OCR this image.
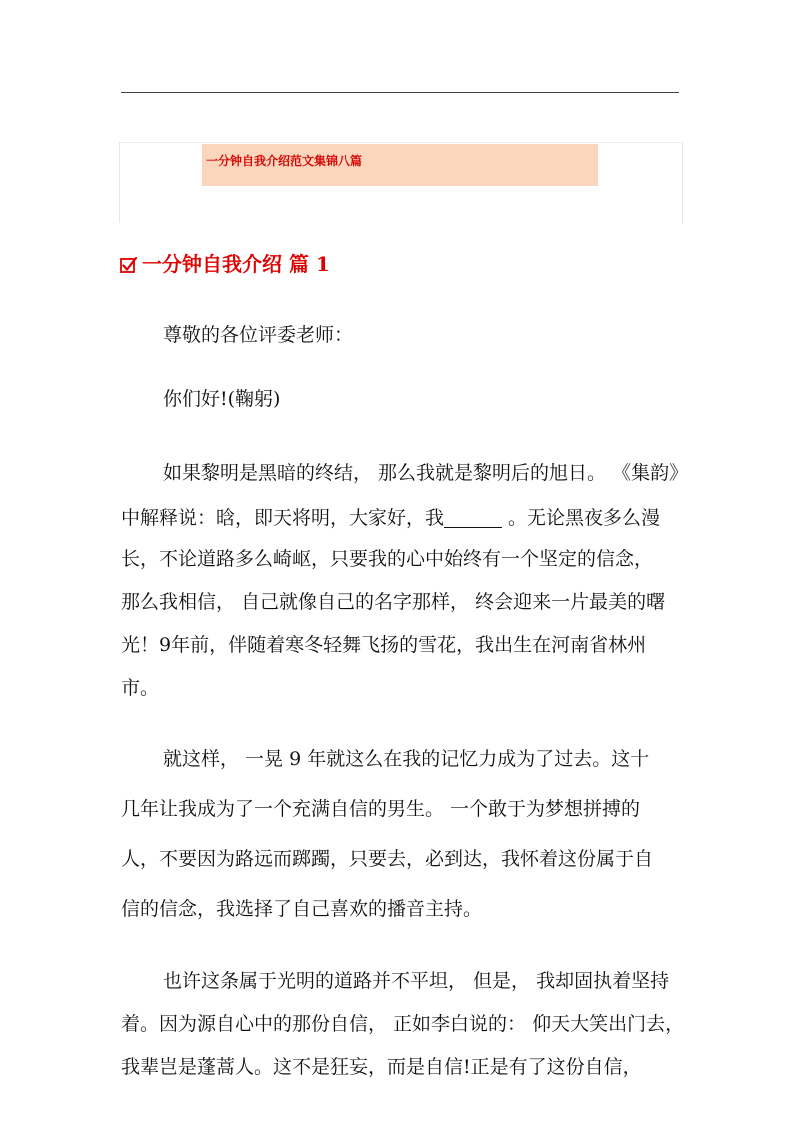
一分钟自我介绍范文集锦八篇
一分钟自我介绍 篇 1
尊敬的各位评委老师：
你们好!(鞠躬)
如果黎明是黑暗的终结， 那么我就是黎明后的旭日。 《集韵》
中解释说：晗，即天将明，大家好，我	。无论黑夜多么漫
长，不论道路多么崎岖，只要我的心中始终有一个坚定的信念，
那么我相信， 自己就像自己的名字那样， 终会迎来一片最美的曙
光！9年前，伴随着寒冬轻舞飞扬的雪花，我出生在河南省林州
市。
就这样， 一晃 9 年就这么在我的记忆力成为了过去。这十
几年让我成为了一个充满自信的男生。 一个敢于为梦想拼搏的
人，不要因为路远而踯躅，只要去，必到达，我怀着这份属于自
信的信念，我选择了自己喜欢的播音主持。
也许这条属于光明的道路并不平坦， 但是， 我却固执着坚持
着。因为源自心中的那份自信， 正如李白说的： 仰天大笑出门去，
我辈岂是蓬蒿人。这不是狂妄，而是自信!正是有了这份自信，
